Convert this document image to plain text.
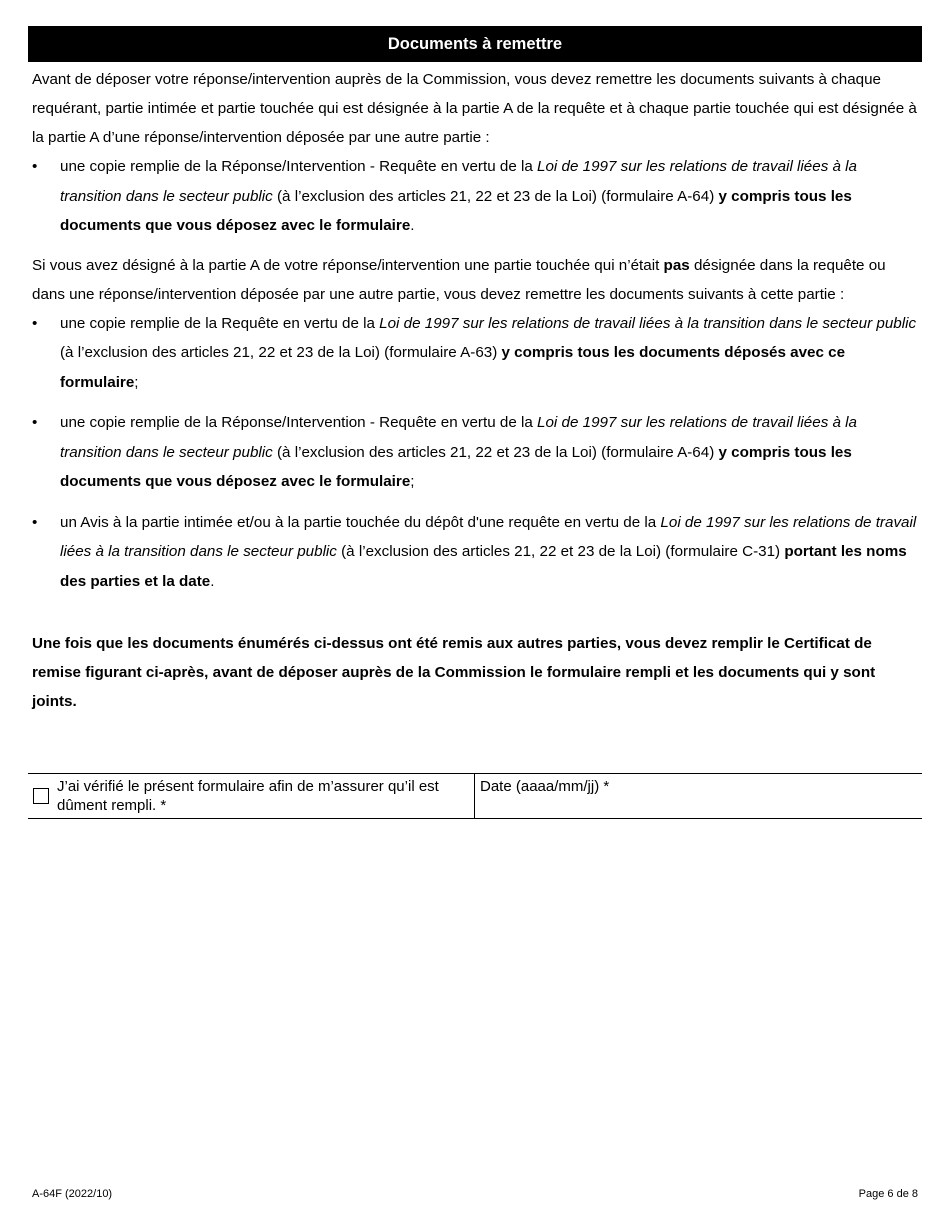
Documents à remettre

Avant de déposer votre réponse/intervention auprès de la Commission, vous devez remettre les documents suivants à chaque requérant, partie intimée et partie touchée qui est désignée à la partie A de la requête et à chaque partie touchée qui est désignée à la partie A d’une réponse/intervention déposée par une autre partie :

• une copie remplie de la Réponse/Intervention - Requête en vertu de la Loi de 1997 sur les relations de travail liées à la transition dans le secteur public (à l’exclusion des articles 21, 22 et 23 de la Loi) (formulaire A-64) y compris tous les documents que vous déposez avec le formulaire.

Si vous avez désigné à la partie A de votre réponse/intervention une partie touchée qui n’était pas désignée dans la requête ou dans une réponse/intervention déposée par une autre partie, vous devez remettre les documents suivants à cette partie :

• une copie remplie de la Requête en vertu de la Loi de 1997 sur les relations de travail liées à la transition dans le secteur public (à l’exclusion des articles 21, 22 et 23 de la Loi) (formulaire A-63) y compris tous les documents déposés avec ce formulaire;
• une copie remplie de la Réponse/Intervention - Requête en vertu de la Loi de 1997 sur les relations de travail liées à la transition dans le secteur public (à l’exclusion des articles 21, 22 et 23 de la Loi) (formulaire A-64) y compris tous les documents que vous déposez avec le formulaire;
• un Avis à la partie intimée et/ou à la partie touchée du dépôt d'une requête en vertu de la Loi de 1997 sur les relations de travail liées à la transition dans le secteur public (à l’exclusion des articles 21, 22 et 23 de la Loi) (formulaire C-31) portant les noms des parties et la date.

Une fois que les documents énumérés ci-dessus ont été remis aux autres parties, vous devez remplir le Certificat de remise figurant ci-après, avant de déposer auprès de la Commission le formulaire rempli et les documents qui y sont joints.

J’ai vérifié le présent formulaire afin de m’assurer qu’il est dûment rempli. *
Date (aaaa/mm/jj) *
A-64F (2022/10)	Page 6 de 8
